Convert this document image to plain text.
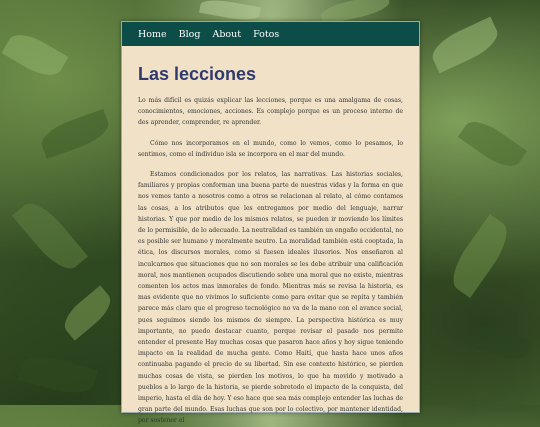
Home Blog About Fotos
Las lecciones

Lo más difícil es quizás explicar las lecciones, porque es una amalgama de cosas, conocimientos, emociones, acciones. Es complejo porque es un proceso interno de des aprender, comprender, re aprender.

Cómo nos incorporamos en el mundo, como lo vemos, como lo pesamos, lo sentimos, como el individuo isla se incorpora en el mar del mundo.

Estamos condicionados por los relatos, las narrativas. Las historias sociales, familiares y propias conforman una buena parte de nuestras vidas y la forma en que nos vemos tanto a nosotros como a otros se relacionan al relato, al cómo contamos las cosas, a los atributos que les entregamos por medio del lenguaje, narrar historias. Y que por medio de los mismos relatos, se pueden ir moviendo los límites de lo permisible, de lo adecuado. La neutralidad es también un engaño occidental, no es posible ser humano y moralmente neutro. La moralidad también está cooptada, la ética, los discursos morales, como si fuesen ideales ilusorios. Nos enseñaron al inculcarnos que situaciones que no son morales se les debe atribuir una calificación moral, nos mantienen ocupados discutiendo sobre una moral que no existe, mientras comenten los actos mas inmorales de fondo. Mientras más se revisa la historia, es mas evidente que no vivimos lo suficiente como para evitar que se repita y también parece más claro que el progreso tecnológico no va de la mano con el avance social, pues seguimos siendo los mismos de siempre. La perspectiva histórica es muy importante, no puedo destacar cuanto, porque revisar el pasado nos permite entender el presente Hay muchas cosas que pasaron hace años y hoy sigue teniendo impacto en la realidad de mucha gente. Como Haití, que hasta hace unos años continuaba pagando el precio de su libertad. Sin ese contexto histórico, se pierden muchas cosas de vista, se pierden los motivos, lo que ha movido y motivado a pueblos a lo largo de la historia, se pierde sobretodo el impacto de la conquista, del imperio, hasta el día de hoy. Y eso hace que sea más complejo entender las luchas de gran parte del mundo. Esas luchas que son por lo colectivo, por mantener identidad, por sostener el
